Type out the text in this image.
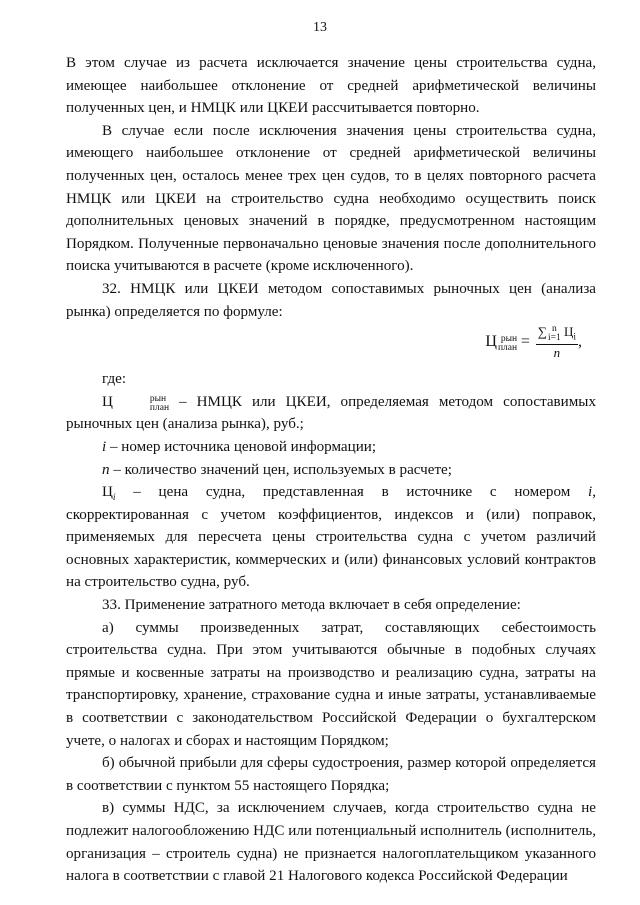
13

В этом случае из расчета исключается значение цены строительства судна, имеющее наибольшее отклонение от средней арифметической величины полученных цен, и НМЦК или ЦКЕИ рассчитывается повторно.

В случае если после исключения значения цены строительства судна, имеющего наибольшее отклонение от средней арифметической величины полученных цен, осталось менее трех цен судов, то в целях повторного расчета НМЦК или ЦКЕИ на строительство судна необходимо осуществить поиск дополнительных ценовых значений в порядке, предусмотренном настоящим Порядком. Полученные первоначально ценовые значения после дополнительного поиска учитываются в расчете (кроме исключенного).

32. НМЦК или ЦКЕИ методом сопоставимых рыночных цен (анализа рынка) определяется по формуле:

Ц рын
план = ∑ n
i=1 $Ц_i$
n ,

где:

Ц	рын
план – НМЦК или ЦКЕИ, определяемая методом сопоставимых рыночных цен (анализа рынка), руб.;

i – номер источника ценовой информации;

n – количество значений цен, используемых в расчете;

$Ц_i$ – цена судна, представленная в источнике с номером i, скорректированная с учетом коэффициентов, индексов и (или) поправок, применяемых для пересчета цены строительства судна с учетом различий основных характеристик, коммерческих и (или) финансовых условий контрактов на строительство судна, руб.

33. Применение затратного метода включает в себя определение:

а) суммы произведенных затрат, составляющих себестоимость строительства судна. При этом учитываются обычные в подобных случаях прямые и косвенные затраты на производство и реализацию судна, затраты на транспортировку, хранение, страхование судна и иные затраты, устанавливаемые в соответствии с законодательством Российской Федерации о бухгалтерском учете, о налогах и сборах и настоящим Порядком;

б) обычной прибыли для сферы судостроения, размер которой определяется в соответствии с пунктом 55 настоящего Порядка;

в) суммы НДС, за исключением случаев, когда строительство судна не подлежит налогообложению НДС или потенциальный исполнитель (исполнитель, организация – строитель судна) не признается налогоплательщиком указанного налога в соответствии с главой 21 Налогового кодекса Российской Федерации
